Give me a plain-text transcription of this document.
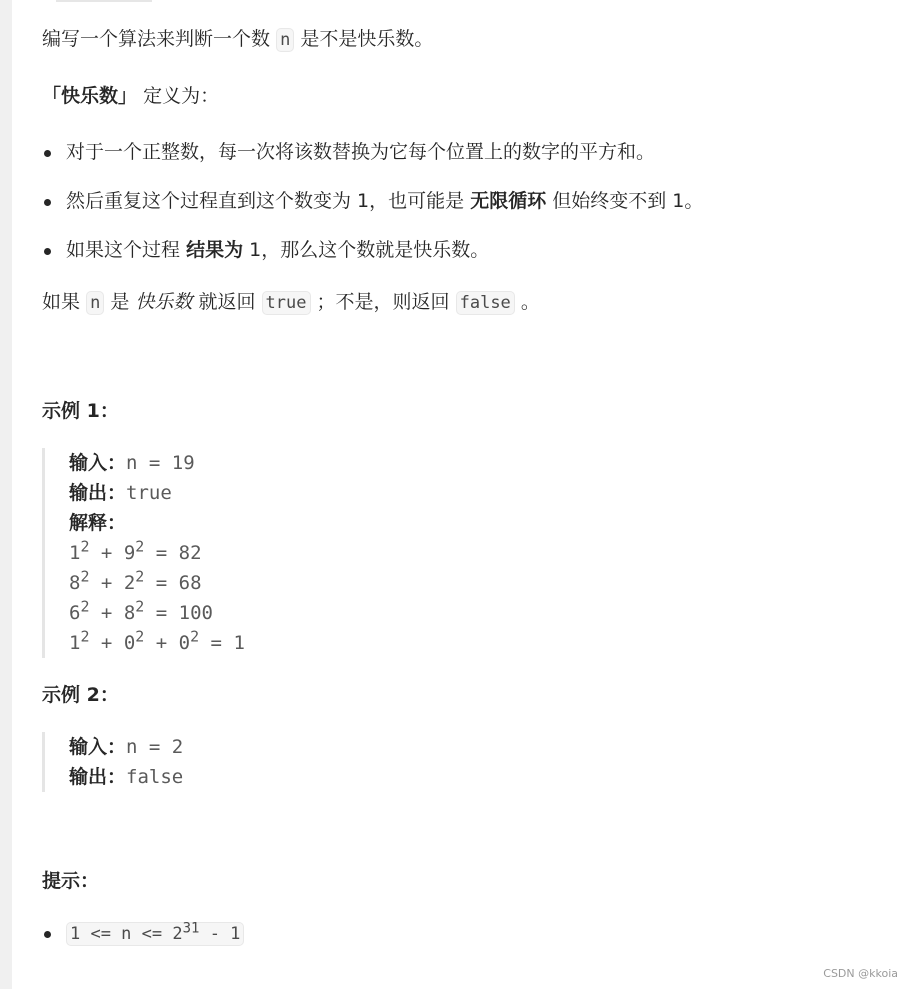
编写一个算法来判断一个数 n 是不是快乐数。

「快乐数」 定义为：

对于一个正整数，每一次将该数替换为它每个位置上的数字的平方和。
然后重复这个过程直到这个数变为 1，也可能是 无限循环 但始终变不到 1。
如果这个过程 结果为 1，那么这个数就是快乐数。

如果 n 是 快乐数 就返回 true ；不是，则返回 false 。

示例 1：

输入：n = 19
输出：true
解释：
$1^2 + 9^2 = 82$
$8^2 + 2^2 = 68$
$6^2 + 8^2 = 100$
$1^2 + 0^2 + 0^2 = 1$

示例 2：

输入：n = 2
输出：false

提示：

$1 <= n <= 2^{31} - 1$
CSDN @kkoia
